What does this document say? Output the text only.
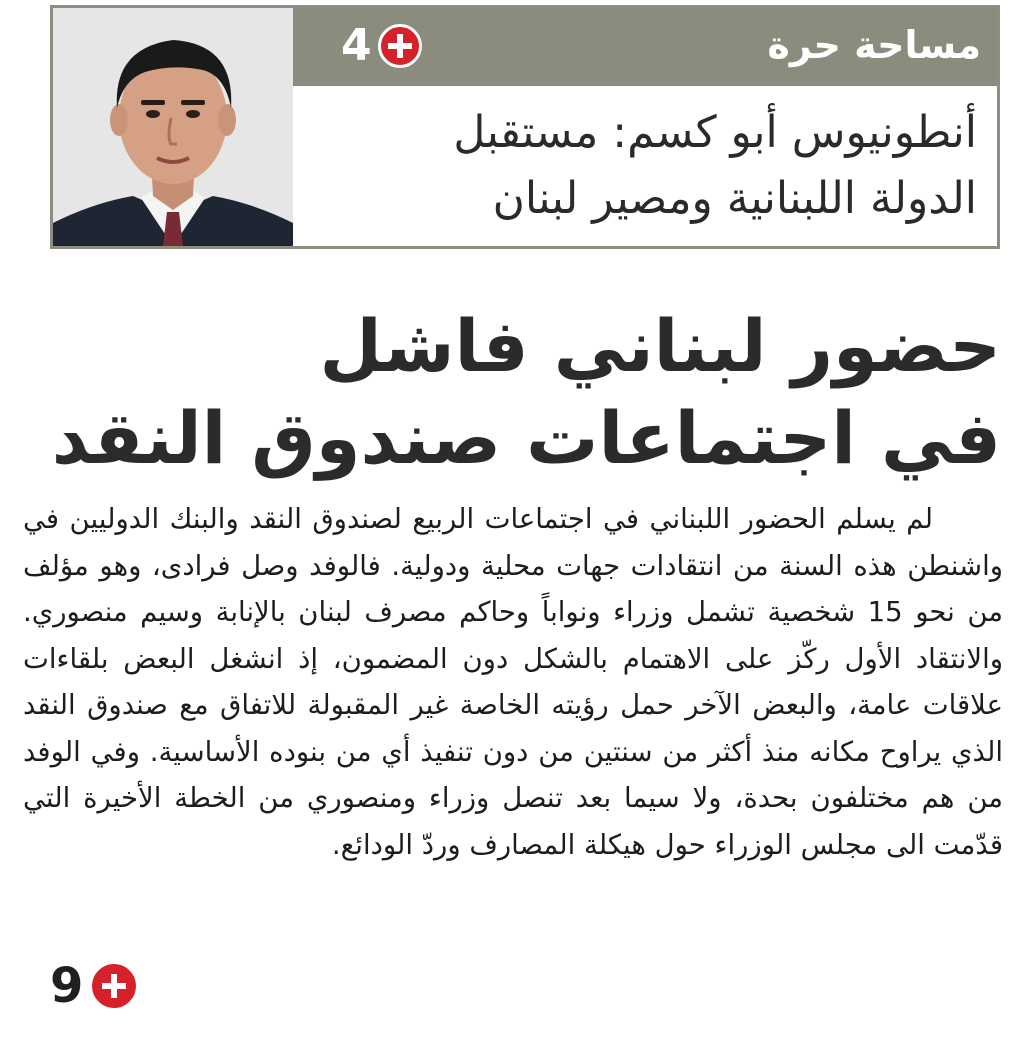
4	مساحة حرة
أنطونيوس أبو كسم: مستقبل الدولة اللبنانية ومصير لبنان
حضور لبناني فاشل
في اجتماعات صندوق النقد

لم يسلم الحضور اللبناني في اجتماعات الربيع لصندوق النقد والبنك الدوليين في واشنطن هذه السنة من انتقادات جهات محلية ودولية. فالوفد وصل فرادى، وهو مؤلف من نحو 15 شخصية تشمل وزراء ونواباً وحاكم مصرف لبنان بالإنابة وسيم منصوري. والانتقاد الأول ركّز على الاهتمام بالشكل دون المضمون، إذ انشغل البعض بلقاءات علاقات عامة، والبعض الآخر حمل رؤيته الخاصة غير المقبولة للاتفاق مع صندوق النقد الذي يراوح مكانه منذ أكثر من سنتين من دون تنفيذ أي من بنوده الأساسية. وفي الوفد من هم مختلفون بحدة، ولا سيما بعد تنصل وزراء ومنصوري من الخطة الأخيرة التي قدّمت الى مجلس الوزراء حول هيكلة المصارف وردّ الودائع.

9
